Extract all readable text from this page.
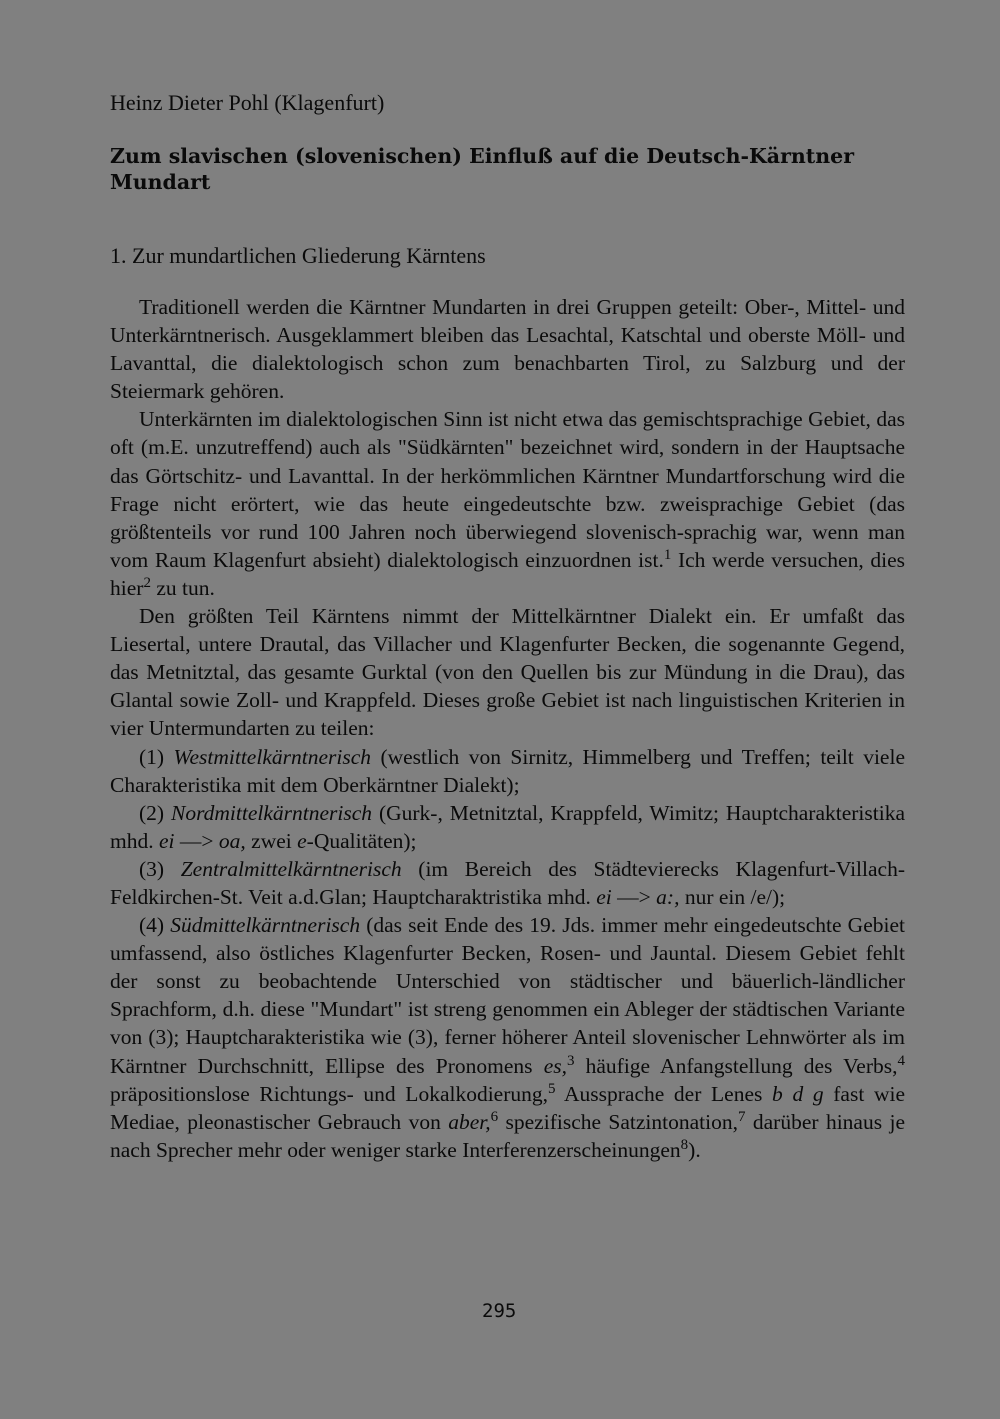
Heinz Dieter Pohl (Klagenfurt)
Zum slavischen (slovenischen) Einfluß auf die Deutsch-Kärntner Mundart
1. Zur mundartlichen Gliederung Kärntens

Traditionell werden die Kärntner Mundarten in drei Gruppen geteilt: Ober-, Mittel- und Unterkärntnerisch. Ausgeklammert bleiben das Lesachtal, Katschtal und oberste Möll- und Lavanttal, die dialektologisch schon zum benachbarten Tirol, zu Salzburg und der Steiermark gehören.

Unterkärnten im dialektologischen Sinn ist nicht etwa das gemischtsprachige Gebiet, das oft (m.E. unzutreffend) auch als "Südkärnten" bezeichnet wird, sondern in der Hauptsache das Görtschitz- und Lavanttal. In der herkömmlichen Kärntner Mundartforschung wird die Frage nicht erörtert, wie das heute eingedeutschte bzw. zweisprachige Gebiet (das größtenteils vor rund 100 Jahren noch überwiegend slovenisch-sprachig war, wenn man vom Raum Klagenfurt absieht) dialektologisch einzuordnen ist.$^1$ Ich werde versuchen, dies hier$^2$ zu tun.

Den größten Teil Kärntens nimmt der Mittelkärntner Dialekt ein. Er umfaßt das Liesertal, untere Drautal, das Villacher und Klagenfurter Becken, die sogenannte Gegend, das Metnitztal, das gesamte Gurktal (von den Quellen bis zur Mündung in die Drau), das Glantal sowie Zoll- und Krappfeld. Dieses große Gebiet ist nach linguistischen Kriterien in vier Untermundarten zu teilen:

(1) Westmittelkärntnerisch (westlich von Sirnitz, Himmelberg und Treffen; teilt viele Charakteristika mit dem Oberkärntner Dialekt);

(2) Nordmittelkärntnerisch (Gurk-, Metnitztal, Krappfeld, Wimitz; Hauptcharakteristika mhd. ei —> oa, zwei e-Qualitäten);

(3) Zentralmittelkärntnerisch (im Bereich des Städtevierecks Klagenfurt-Villach-Feldkirchen-St. Veit a.d.Glan; Hauptcharaktristika mhd. ei —> a:, nur ein /e/);

(4) Südmittelkärntnerisch (das seit Ende des 19. Jds. immer mehr eingedeutschte Gebiet umfassend, also östliches Klagenfurter Becken, Rosen- und Jauntal. Diesem Gebiet fehlt der sonst zu beobachtende Unterschied von städtischer und bäuerlich-ländlicher Sprachform, d.h. diese "Mundart" ist streng genommen ein Ableger der städtischen Variante von (3); Hauptcharakteristika wie (3), ferner höherer Anteil slovenischer Lehnwörter als im Kärntner Durchschnitt, Ellipse des Pronomens es,$^3$ häufige Anfangstellung des Verbs,$^4$ präpositionslose Richtungs- und Lokalkodierung,$^5$ Aussprache der Lenes b d g fast wie Mediae, pleonastischer Gebrauch von aber,$^6$ spezifische Satzintonation,$^7$ darüber hinaus je nach Sprecher mehr oder weniger starke Interferenzerscheinungen$^8$).

295
